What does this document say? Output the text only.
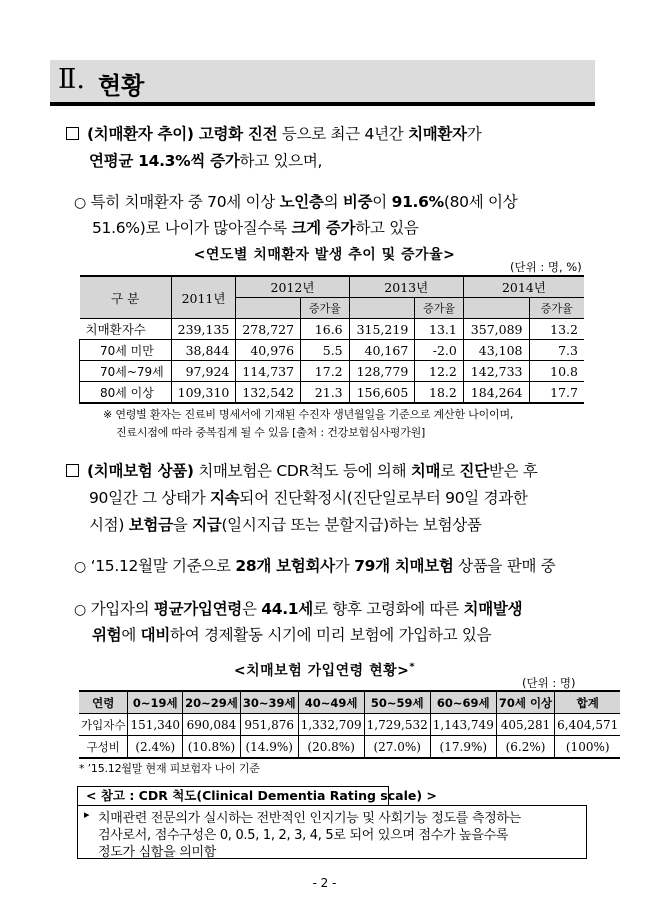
Ⅱ. 현황
(치매환자 추이) 고령화 진전 등으로 최근 4년간 치매환자가
연평균 14.3%씩 증가하고 있으며,
○ 특히 치매환자 중 70세 이상 노인층의 비중이 91.6%(80세 이상
51.6%)로 나이가 많아질수록 크게 증가하고 있음
<연도별 치매환자 발생 추이 및 증가율>
(단위 : 명, %)
구 분	2011년	2012년		2013년		2014년	
			증가율		증가율		증가율
치매환자수	239,135	278,727	16.6	315,219	13.1	357,089	13.2
70세 미만	38,844	40,976	5.5	40,167	-2.0	43,108	7.3
70세~79세	97,924	114,737	17.2	128,779	12.2	142,733	10.8
80세 이상	109,310	132,542	21.3	156,605	18.2	184,264	17.7
※ 연령별 환자는 진료비 명세서에 기재된 수진자 생년월일을 기준으로 계산한 나이이며,
진료시점에 따라 중복집계 될 수 있음 [출처 : 건강보험심사평가원]
(치매보험 상품) 치매보험은 CDR척도 등에 의해 치매로 진단받은 후
90일간 그 상태가 지속되어 진단확정시(진단일로부터 90일 경과한
시점) 보험금을 지급(일시지급 또는 분할지급)하는 보험상품
○ ‘15.12월말 기준으로 28개 보험회사가 79개 치매보험 상품을 판매 중
○ 가입자의 평균가입연령은 44.1세로 향후 고령화에 따른 치매발생
위험에 대비하여 경제활동 시기에 미리 보험에 가입하고 있음
<치매보험 가입연령 현황>*
(단위 : 명)
연령	0~19세	20~29세	30~39세	40~49세	50~59세	60~69세	70세 이상	합계
가입자수	151,340	690,084	951,876	1,332,709	1,729,532	1,143,749	405,281	6,404,571
구성비	(2.4%)	(10.8%)	(14.9%)	(20.8%)	(27.0%)	(17.9%)	(6.2%)	(100%)
* ’15.12월말 현재 피보험자 나이 기준
< 참고 : CDR 척도(Clinical Dementia Rating scale) >
▸ 치매관련 전문의가 실시하는 전반적인 인지기능 및 사회기능 정도를 측정하는
검사로서, 점수구성은 0, 0.5, 1, 2, 3, 4, 5로 되어 있으며 점수가 높을수록
정도가 심함을 의미함
- 2 -
